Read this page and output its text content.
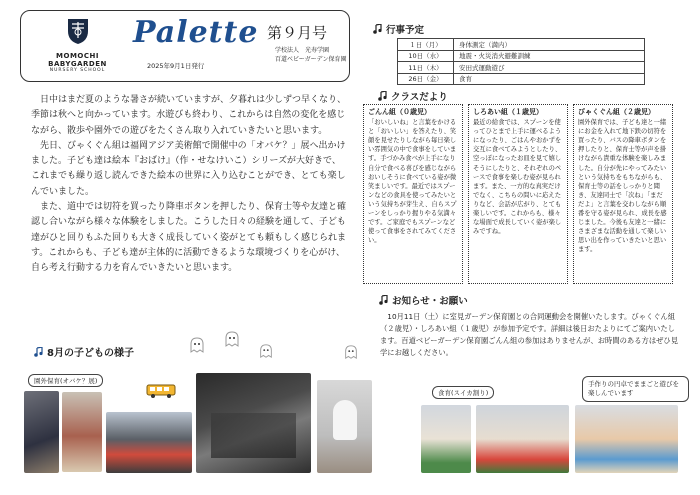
MOMOCHI BABYGARDEN
NURSERY SCHOOL
Palette 第９月号
2025年9月1日発行
学校法人　光寿学園
百道ベビーガーデン保育園

日中はまだ夏のような暑さが続いていますが、夕暮れは少しずつ早くなり、季節は秋へと向かっています。水遊びも終わり、これからは自然の変化を感じながら、散歩や園外での遊びをたくさん取り入れていきたいと思います。

先日、びゃくぐん組は福岡アジア美術館で開催中の「オバケ？」展へ出かけました。子ども達は絵本『おばけ』（作・せなけいこ）シリーズが大好きで、これまでも繰り返し読んできた絵本の世界に入り込むことができ、とても楽しんでいました。

また、道中では切符を買ったり降車ボタンを押したり、保育士等や友達と確認し合いながら様々な体験をしました。こうした日々の経験を通して、子ども達がひと回りもふた回りも大きく成長していく姿がとても頼もしく感じられます。これからも、子ども達が主体的に活動できるような環境づくりを心がけ、自ら考え行動する力を育んでいきたいと思います。

行事予定
１日（月）	身体測定（満内）
10日（水）	地震・火災消火避難訓練
11日（木）	安田式運動遊び
26日（金）	食育
クラスだより
ごんん組（０歳児）

「おいしいね」と言葉をかけると「おいしい」を答えたり、笑顔を見せたりしながら毎日楽しい雰囲気の中で食事をしています。手づかみ食べが上手になり自分で食べる喜びを感じながらおいしそうに食べている姿が微笑ましいです。最近ではスプーンなどの食具を使ってみたいという気持ちが芽生え、自らスプーンをしっかり握りやる気満々です。ご家庭でもスプーンなど使って食事をされてみてください。

しろあい組（１歳児）

最近の給食では、スプーンを使ってひとまで上手に運べるようになったり、ごはんやおかずを交互に食べてみようとしたり、空っぽになったお皿を見て嬉しそうにしたりと、それぞれのペースで食事を楽しむ姿が見られます。また、一方的な真実だけでなく、こちらの問いに応えたりなど、会話が広がり、とても楽しいです。これからも、様々な場面で成長していく姿が楽しみですね。

びゃくぐん組（２歳児）

園外保育では、子ども達と一緒にお金を入れて地下鉄の切符を買ったり、バスの降車ボタンを押したりと、保育士等が声を掛けながら貴重な体験を楽しみました。自分が先にやってみたいという気持ちをもちながらも、保育士等の話をしっかりと聞き、友達同士で「次ね」「まだだよ」と言葉を交わしながら順番を守る姿が見られ、成長を感じました。今後も友達と一緒にさまざまな活動を通して楽しい思い出を作っていきたいと思います。

お知らせ・お願い

10月11日（土）に室見ガーデン保育園との合同運動会を開催いたします。びゃくぐん組（２歳児）・しろあい組（１歳児）が参加予定です。詳細は後日おたよりにてご案内いたします。百道ベビーガーデン保育園ごんん組の参加はありませんが、お時間のある方はぜひ見学にお越しください。

8月の子どもの様子
園外保育(オバケ？展)
食育(スイカ割り)
手作りの円卓でままごと遊びを楽しんでいます
